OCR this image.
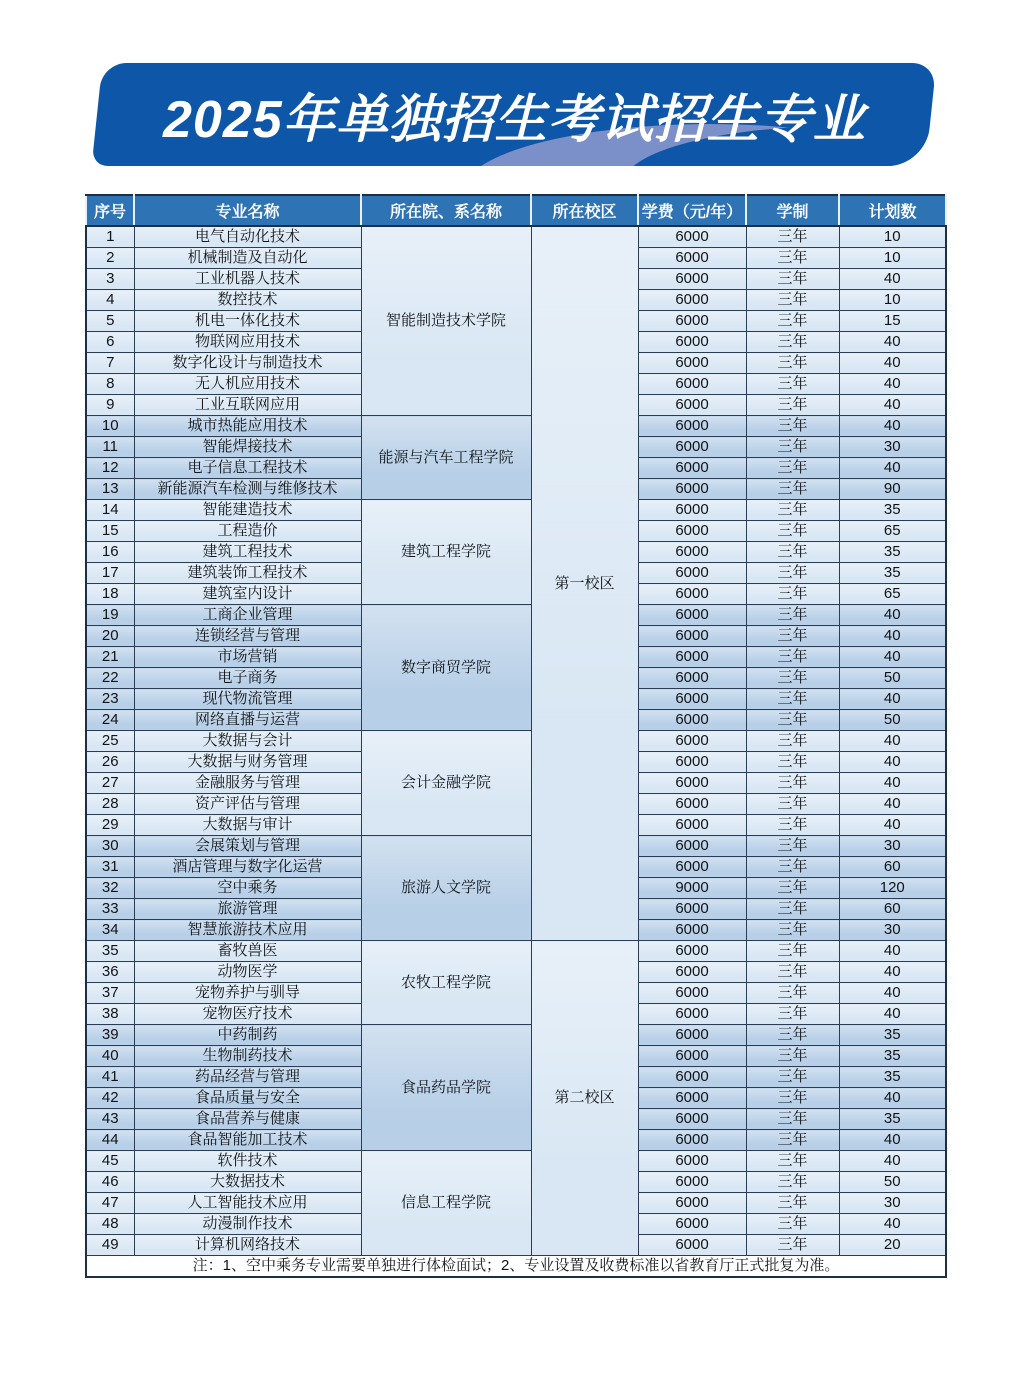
2025年单独招生考试招生专业
序号	专业名称	所在院、系名称	所在校区	学费（元/年）	学制	计划数
1	电气自动化技术	智能制造技术学院	第一校区	6000	三年	10
2	机械制造及自动化			6000	三年	10
3	工业机器人技术			6000	三年	40
4	数控技术			6000	三年	10
5	机电一体化技术			6000	三年	15
6	物联网应用技术			6000	三年	40
7	数字化设计与制造技术			6000	三年	40
8	无人机应用技术			6000	三年	40
9	工业互联网应用			6000	三年	40
10	城市热能应用技术	能源与汽车工程学院		6000	三年	40
11	智能焊接技术			6000	三年	30
12	电子信息工程技术			6000	三年	40
13	新能源汽车检测与维修技术			6000	三年	90
14	智能建造技术	建筑工程学院		6000	三年	35
15	工程造价			6000	三年	65
16	建筑工程技术			6000	三年	35
17	建筑装饰工程技术			6000	三年	35
18	建筑室内设计			6000	三年	65
19	工商企业管理	数字商贸学院		6000	三年	40
20	连锁经营与管理			6000	三年	40
21	市场营销			6000	三年	40
22	电子商务			6000	三年	50
23	现代物流管理			6000	三年	40
24	网络直播与运营			6000	三年	50
25	大数据与会计	会计金融学院		6000	三年	40
26	大数据与财务管理			6000	三年	40
27	金融服务与管理			6000	三年	40
28	资产评估与管理			6000	三年	40
29	大数据与审计			6000	三年	40
30	会展策划与管理	旅游人文学院		6000	三年	30
31	酒店管理与数字化运营			6000	三年	60
32	空中乘务			9000	三年	120
33	旅游管理			6000	三年	60
34	智慧旅游技术应用			6000	三年	30
35	畜牧兽医	农牧工程学院	第二校区	6000	三年	40
36	动物医学			6000	三年	40
37	宠物养护与驯导			6000	三年	40
38	宠物医疗技术			6000	三年	40
39	中药制药	食品药品学院		6000	三年	35
40	生物制药技术			6000	三年	35
41	药品经营与管理			6000	三年	35
42	食品质量与安全			6000	三年	40
43	食品营养与健康			6000	三年	35
44	食品智能加工技术			6000	三年	40
45	软件技术	信息工程学院		6000	三年	40
46	大数据技术			6000	三年	50
47	人工智能技术应用			6000	三年	30
48	动漫制作技术			6000	三年	40
49	计算机网络技术			6000	三年	20
注：1、空中乘务专业需要单独进行体检面试；2、专业设置及收费标准以省教育厅正式批复为准。						
